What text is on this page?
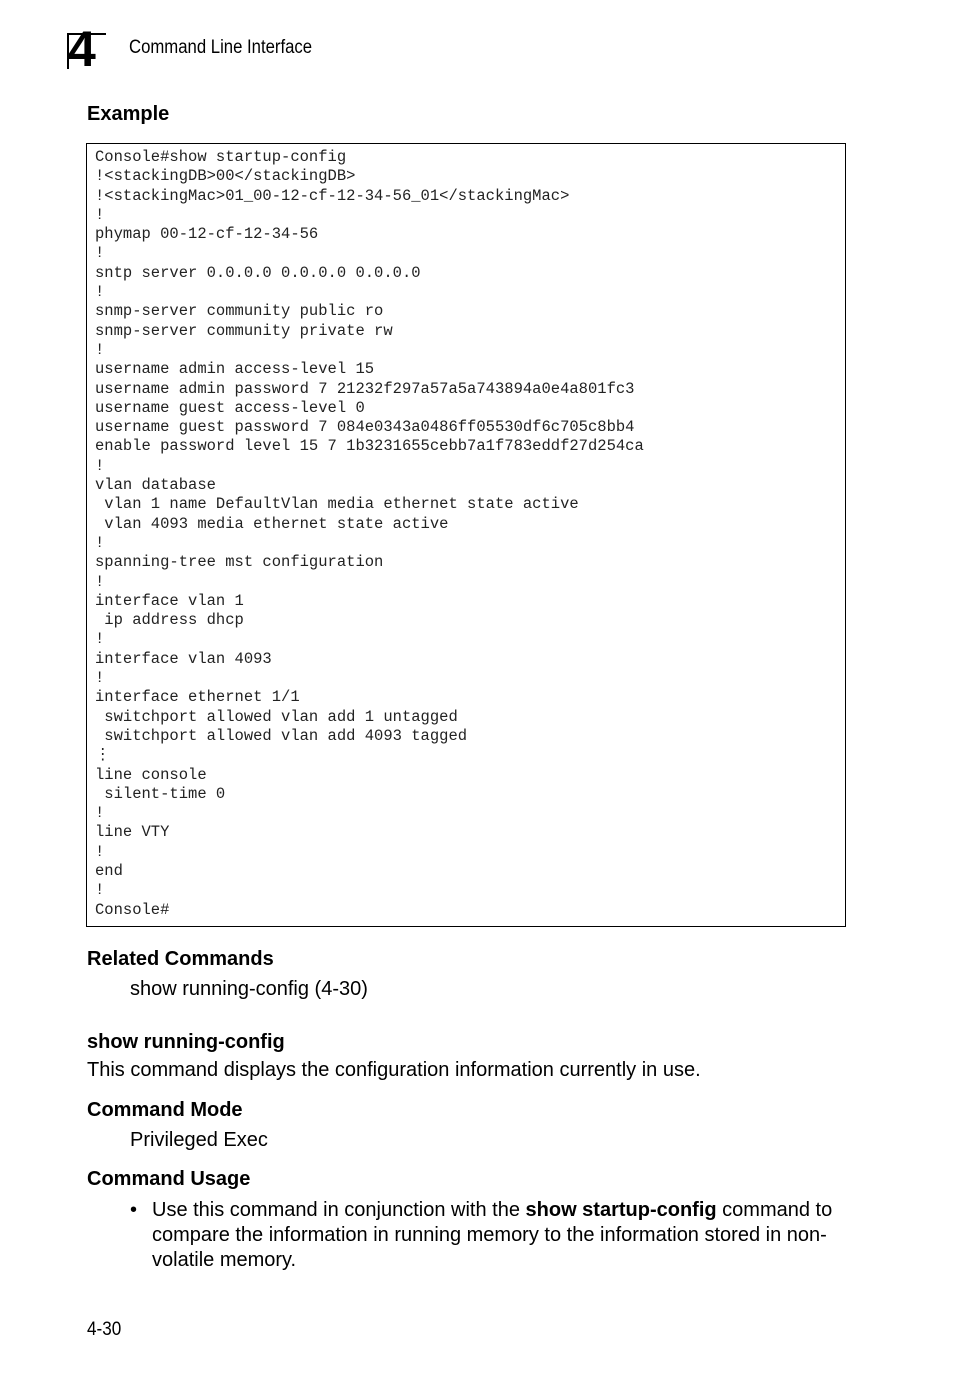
4	Command Line Interface
Example
Console#show startup-config
!<stackingDB>00</stackingDB>
!<stackingMac>01_00-12-cf-12-34-56_01</stackingMac>
!
phymap 00-12-cf-12-34-56
!
sntp server 0.0.0.0 0.0.0.0 0.0.0.0
!
snmp-server community public ro
snmp-server community private rw
!
username admin access-level 15
username admin password 7 21232f297a57a5a743894a0e4a801fc3
username guest access-level 0
username guest password 7 084e0343a0486ff05530df6c705c8bb4
enable password level 15 7 1b3231655cebb7a1f783eddf27d254ca
!
vlan database
vlan 1 name DefaultVlan media ethernet state active
vlan 4093 media ethernet state active
!
spanning-tree mst configuration
!
interface vlan 1
ip address dhcp
!
interface vlan 4093
!
interface ethernet 1/1
switchport allowed vlan add 1 untagged
switchport allowed vlan add 4093 tagged
⋮
line console
silent-time 0
!
line VTY
!
end
!
Console#
Related Commands
show running-config (4-30)
show running-config
This command displays the configuration information currently in use.
Command Mode
Privileged Exec
Command Usage
• Use this command in conjunction with the show startup-config command to compare the information in running memory to the information stored in non-volatile memory.
4-30
